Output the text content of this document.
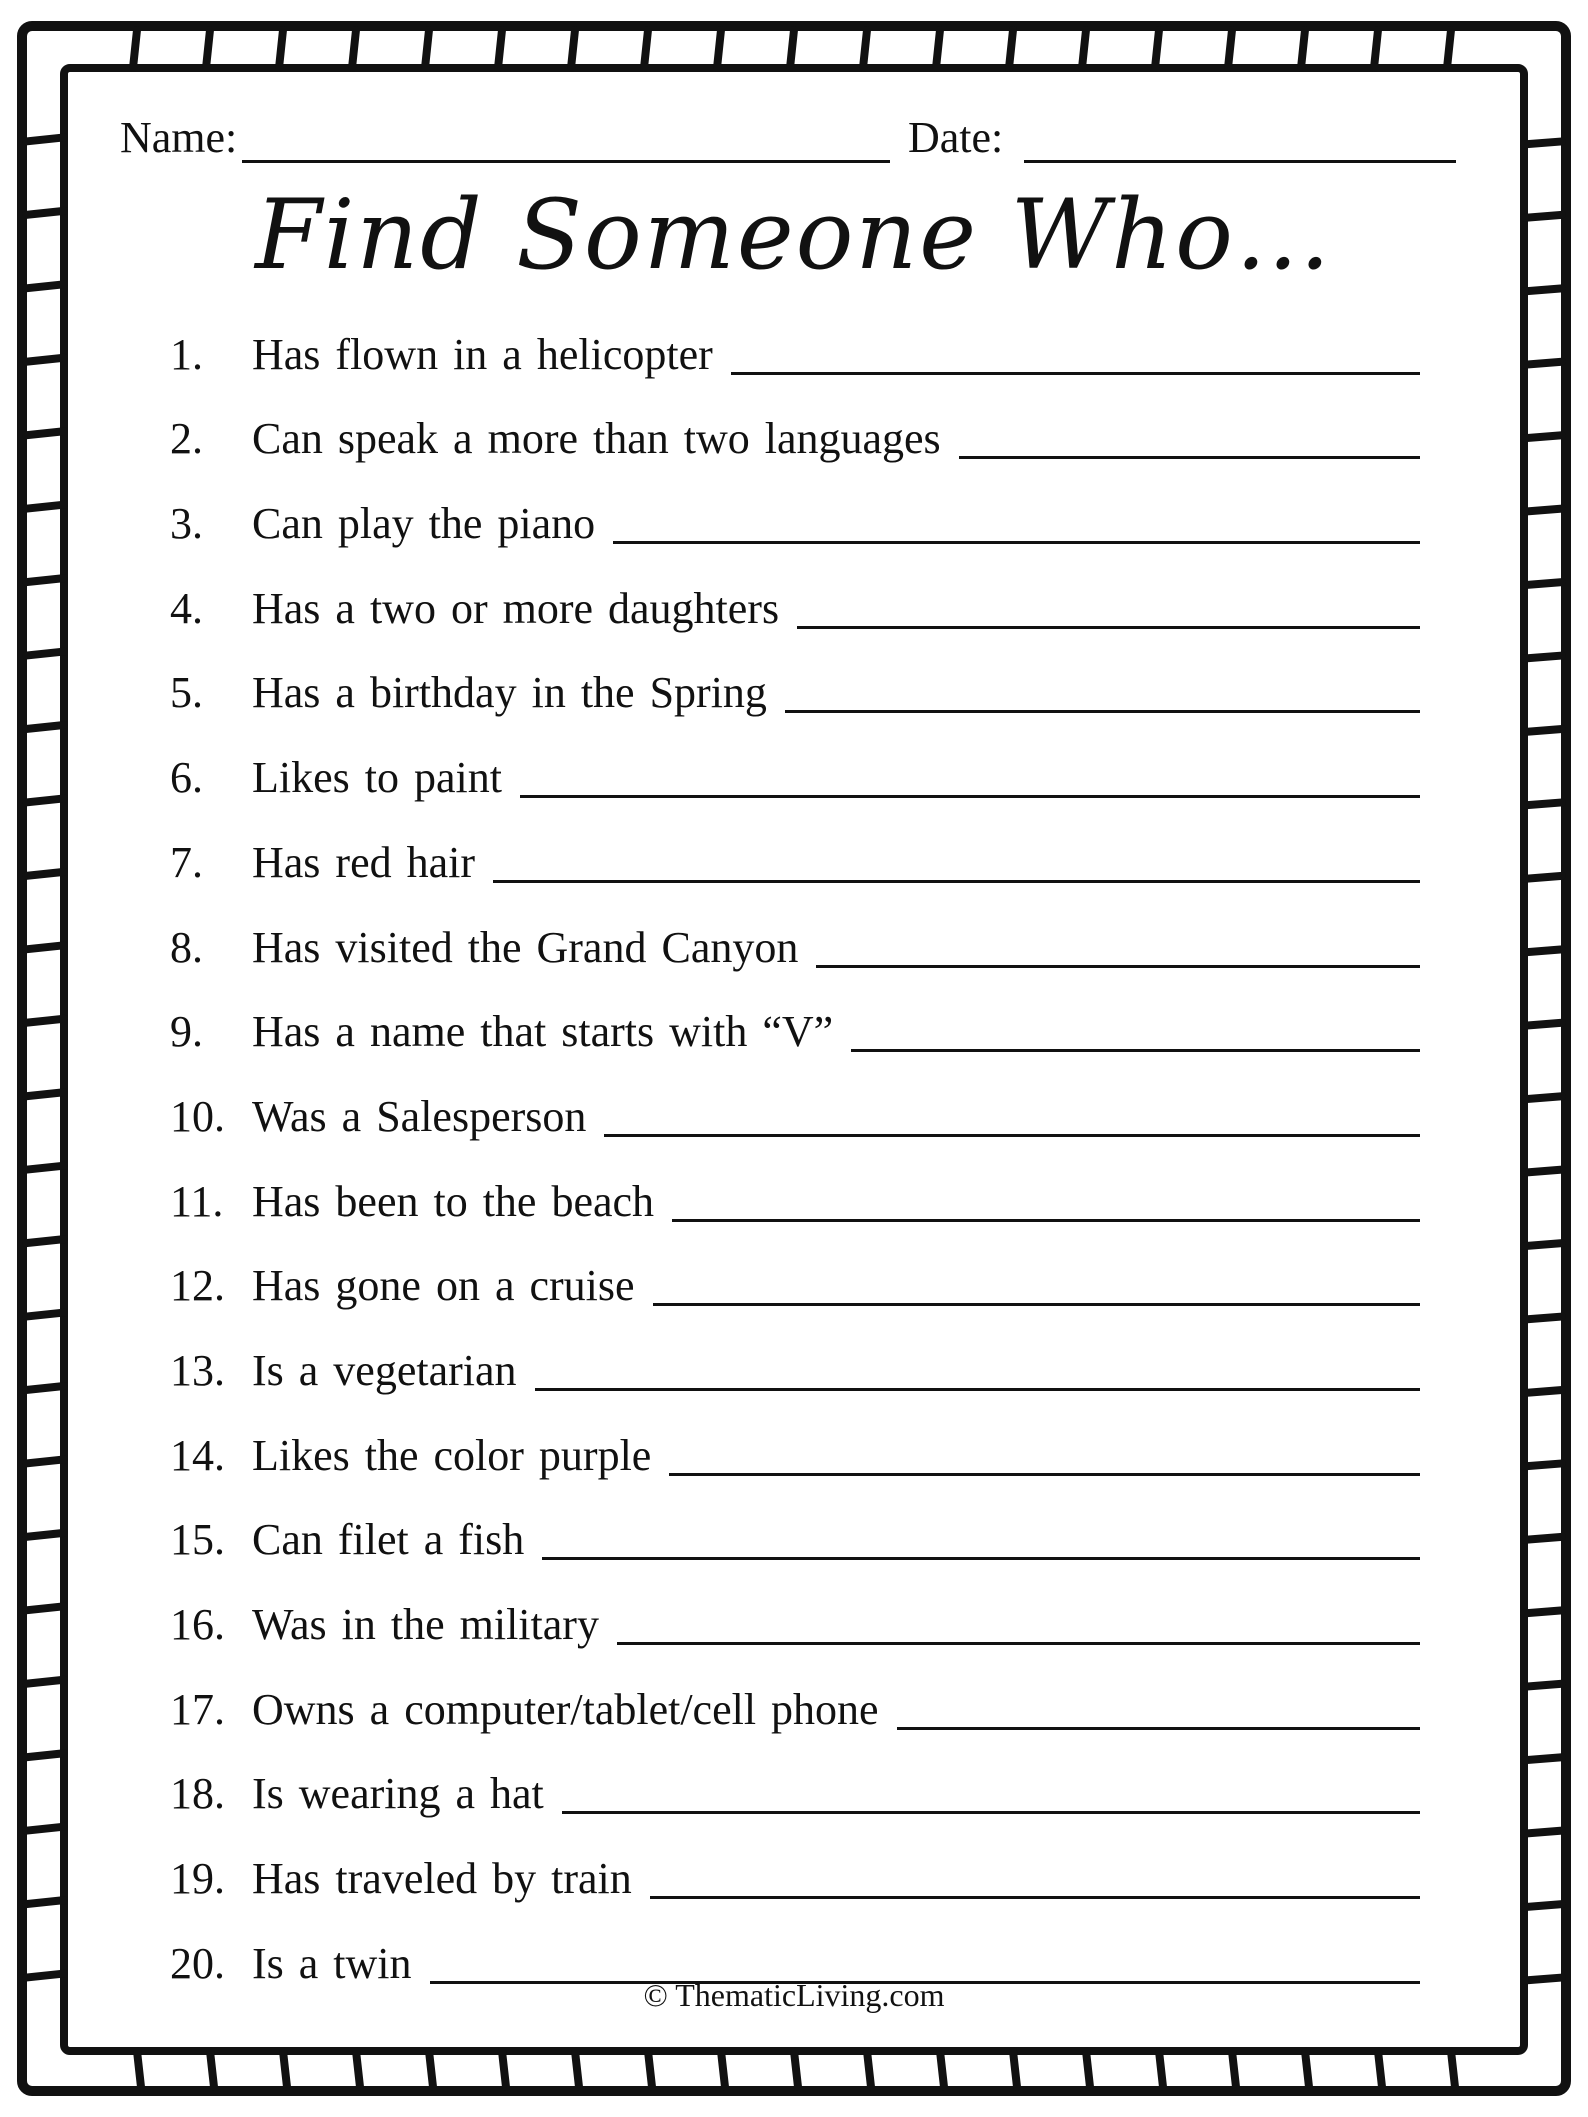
Name:	Date:
Find Someone Who…
1.	Has flown in a helicopter
2.	Can speak a more than two languages
3.	Can play the piano
4.	Has a two or more daughters
5.	Has a birthday in the Spring
6.	Likes to paint
7.	Has red hair
8.	Has visited the Grand Canyon
9.	Has a name that starts with “V”
10. Was a Salesperson
11. Has been to the beach
12. Has gone on a cruise
13. Is a vegetarian
14. Likes the color purple
15. Can filet a fish
16. Was in the military
17. Owns a computer/tablet/cell phone
18. Is wearing a hat
19. Has traveled by train
20. Is a twin
© ThematicLiving.com
